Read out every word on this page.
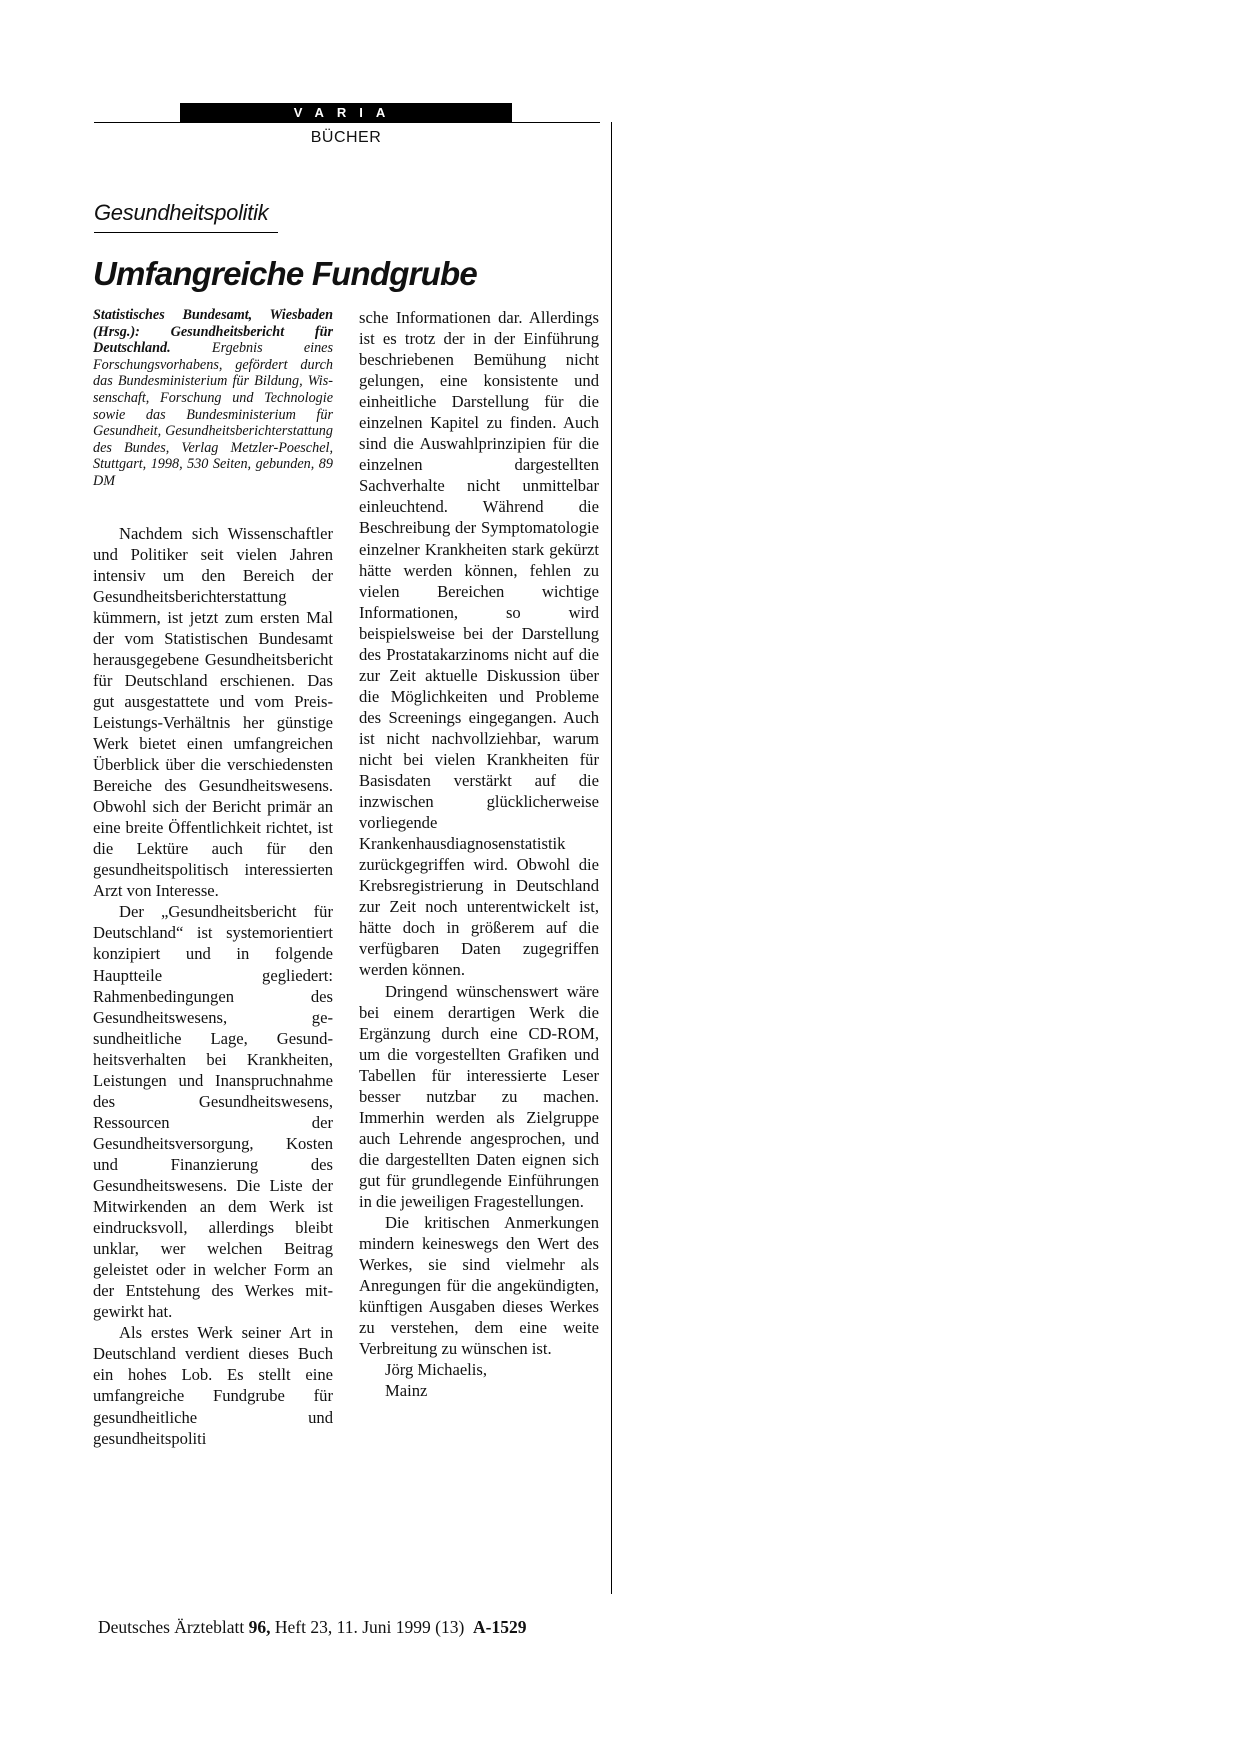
VARIA
BÜCHER
Gesundheitspolitik
Umfangreiche Fundgrube

Statistisches Bundesamt, Wiesbaden (Hrsg.): Gesundheitsbericht für Deutschland.	Ergebnis eines Forschungsvorhabens, gefördert durch das Bundesministerium für Bildung, Wissenschaft, Forschung und Technologie sowie das Bundesministerium für Gesundheit, Gesundheitsberichterstattung des Bundes, Verlag Metzler-Poeschel, Stuttgart, 1998, 530 Seiten, gebunden, 89 DM

Nachdem sich Wissenschaftler und Politiker seit vielen Jahren intensiv um den Bereich der Gesundheitsberichterstattung kümmern, ist jetzt zum ersten Mal der vom Statistischen Bundesamt herausgegebene Gesundheitsbericht für Deutschland erschienen. Das gut ausgestattete und vom Preis-Leistungs-Verhältnis her günstige Werk bietet einen umfangreichen Überblick über die verschiedensten Bereiche des Gesundheitswesens. Obwohl sich der Bericht primär an eine breite Öffentlichkeit richtet, ist die Lektüre auch für den gesundheitspolitisch interessierten Arzt von Interesse.

Der „Gesundheitsbericht für Deutschland“ ist systemorientiert konzipiert und in folgende Hauptteile gegliedert: Rahmenbedingungen des Gesundheitswesens, gesundheitliche Lage, Gesundheitsverhalten bei Krankheiten, Leistungen und Inanspruchnahme des Gesundheitswesens, Ressourcen der Gesundheitsversorgung, Kosten und Finanzierung des Gesundheitswesens. Die Liste der Mitwirkenden an dem Werk ist eindrucksvoll, allerdings bleibt unklar, wer welchen Beitrag geleistet oder in welcher Form an der Entstehung des Werkes mitgewirkt hat.

Als erstes Werk seiner Art in Deutschland verdient dieses Buch ein hohes Lob. Es stellt eine umfangreiche Fundgrube für gesundheitliche und gesundheitspoliti

sche Informationen dar. Allerdings ist es trotz der in der Einführung beschriebenen Bemühung nicht gelungen, eine konsistente und einheitliche Darstellung für die einzelnen Kapitel zu finden. Auch sind die Auswahlprinzipien für die einzelnen dargestellten Sachverhalte nicht unmittelbar einleuchtend. Während die Beschreibung der Symptomatologie einzelner Krankheiten stark gekürzt hätte werden können, fehlen zu vielen Bereichen wichtige Informationen, so wird beispielsweise bei der Darstellung des Prostatakarzinoms nicht auf die zur Zeit aktuelle Diskussion über die Möglichkeiten und Probleme des Screenings eingegangen. Auch ist nicht nachvollziehbar, warum nicht bei vielen Krankheiten für Basisdaten verstärkt auf die inzwischen glücklicherweise vorliegende Krankenhausdiagnosenstatistik zurückgegriffen wird. Obwohl die Krebsregistrierung in Deutschland zur Zeit noch unterentwickelt ist, hätte doch in größerem auf die verfügbaren Daten zugegriffen werden können.

Dringend wünschenswert wäre bei einem derartigen Werk die Ergänzung durch eine CD-ROM, um die vorgestellten Grafiken und Tabellen für interessierte Leser besser nutzbar zu machen. Immerhin werden als Zielgruppe auch Lehrende angesprochen, und die dargestellten Daten eignen sich gut für grundlegende Einführungen in die jeweiligen Fragestellungen.

Die kritischen Anmerkungen mindern keineswegs den Wert des Werkes, sie sind vielmehr als Anregungen für die angekündigten, künftigen Ausgaben dieses Werkes zu verstehen, dem eine weite Verbreitung zu wünschen ist.

Jörg Michaelis,
Mainz
Deutsches Ärzteblatt 96, Heft 23, 11. Juni 1999 (13) A-1529
